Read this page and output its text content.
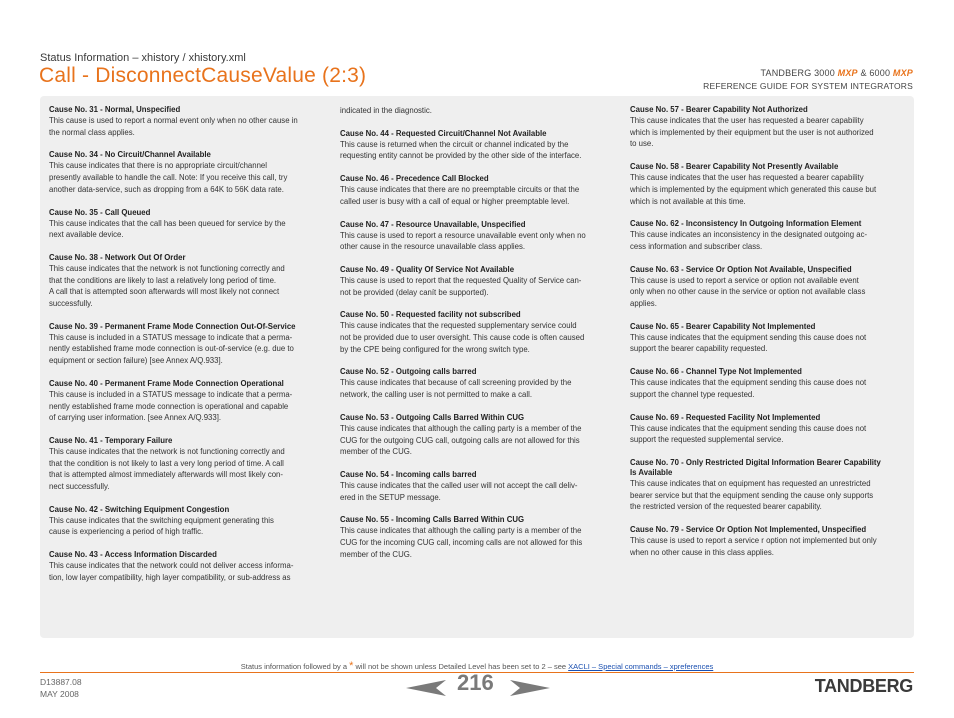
Status Information – xhistory / xhistory.xml
Call - DisconnectCauseValue (2:3)	TANDBERG 3000 MXP & 6000 MXP
REFERENCE GUIDE FOR SYSTEM INTEGRATORS
Cause No. 31 - Normal, Unspecified
This cause is used to report a normal event only when no other cause in
the normal class applies.
Cause No. 34 - No Circuit/Channel Available
This cause indicates that there is no appropriate circuit/channel
presently available to handle the call. Note: If you receive this call, try
another data-service, such as dropping from a 64K to 56K data rate.
Cause No. 35 - Call Queued
This cause indicates that the call has been queued for service by the
next available device.
Cause No. 38 - Network Out Of Order
This cause indicates that the network is not functioning correctly and
that the conditions are likely to last a relatively long period of time.
A call that is attempted soon afterwards will most likely not connect
successfully.
Cause No. 39 - Permanent Frame Mode Connection Out-Of-Service
This cause is included in a STATUS message to indicate that a perma-
nently established frame mode connection is out-of-service (e.g. due to
equipment or section failure) [see Annex A/Q.933].
Cause No. 40 - Permanent Frame Mode Connection Operational
This cause is included in a STATUS message to indicate that a perma-
nently established frame mode connection is operational and capable
of carrying user information. [see Annex A/Q.933].
Cause No. 41 - Temporary Failure
This cause indicates that the network is not functioning correctly and
that the condition is not likely to last a very long period of time. A call
that is attempted almost immediately afterwards will most likely con-
nect successfully.
Cause No. 42 - Switching Equipment Congestion
This cause indicates that the switching equipment generating this
cause is experiencing a period of high traffic.
Cause No. 43 - Access Information Discarded
This cause indicates that the network could not deliver access informa-
tion, low layer compatibility, high layer compatibility, or sub-address as
indicated in the diagnostic.
Cause No. 44 - Requested Circuit/Channel Not Available
This cause is returned when the circuit or channel indicated by the
requesting entity cannot be provided by the other side of the interface.
Cause No. 46 - Precedence Call Blocked
This cause indicates that there are no preemptable circuits or that the
called user is busy with a call of equal or higher preemptable level.
Cause No. 47 - Resource Unavailable, Unspecified
This cause is used to report a resource unavailable event only when no
other cause in the resource unavailable class applies.
Cause No. 49 - Quality Of Service Not Available
This cause is used to report that the requested Quality of Service can-
not be provided (delay canít be supported).
Cause No. 50 - Requested facility not subscribed
This cause indicates that the requested supplementary service could
not be provided due to user oversight. This cause code is often caused
by the CPE being configured for the wrong switch type.
Cause No. 52 - Outgoing calls barred
This cause indicates that because of call screening provided by the
network, the calling user is not permitted to make a call.
Cause No. 53 - Outgoing Calls Barred Within CUG
This cause indicates that although the calling party is a member of the
CUG for the outgoing CUG call, outgoing calls are not allowed for this
member of the CUG.
Cause No. 54 - Incoming calls barred
This cause indicates that the called user will not accept the call deliv-
ered in the SETUP message.
Cause No. 55 - Incoming Calls Barred Within CUG
This cause indicates that although the calling party is a member of the
CUG for the incoming CUG call, incoming calls are not allowed for this
member of the CUG.
Cause No. 57 - Bearer Capability Not Authorized
This cause indicates that the user has requested a bearer capability
which is implemented by their equipment but the user is not authorized
to use.
Cause No. 58 - Bearer Capability Not Presently Available
This cause indicates that the user has requested a bearer capability
which is implemented by the equipment which generated this cause but
which is not available at this time.
Cause No. 62 - Inconsistency In Outgoing Information Element
This cause indicates an inconsistency in the designated outgoing ac-
cess information and subscriber class.
Cause No. 63 - Service Or Option Not Available, Unspecified
This cause is used to report a service or option not available event
only when no other cause in the service or option not available class
applies.
Cause No. 65 - Bearer Capability Not Implemented
This cause indicates that the equipment sending this cause does not
support the bearer capability requested.
Cause No. 66 - Channel Type Not Implemented
This cause indicates that the equipment sending this cause does not
support the channel type requested.
Cause No. 69 - Requested Facility Not Implemented
This cause indicates that the equipment sending this cause does not
support the requested supplemental service.
Cause No. 70 - Only Restricted Digital Information Bearer Capability
Is Available
This cause indicates that on equipment has requested an unrestricted
bearer service but that the equipment sending the cause only supports
the restricted version of the requested bearer capability.
Cause No. 79 - Service Or Option Not Implemented, Unspecified
This cause is used to report a service r option not implemented but only
when no other cause in this class applies.
Status information followed by a * will not be shown unless Detailed Level has been set to 2 – see XACLI – Special commands – xpreferences
D13887.08
MAY 2008	216	TANDBERG
